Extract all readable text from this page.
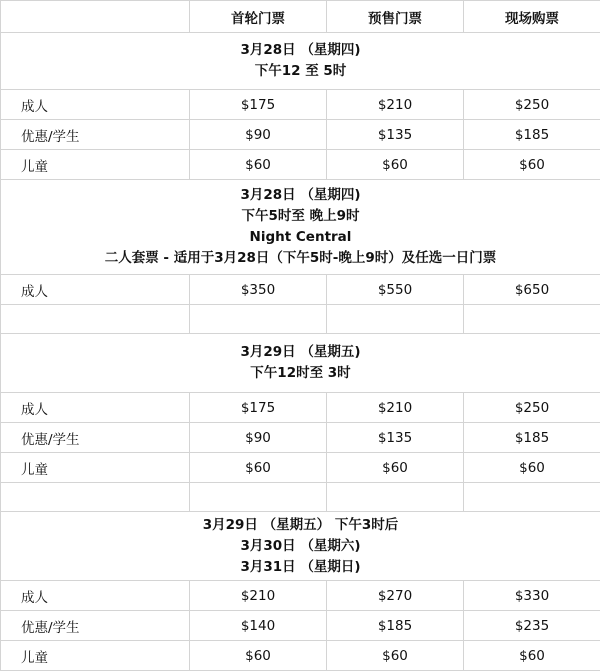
	首轮门票	预售门票	现场购票

3月28日 （星期四)
下午12 至 5时			

成人	$175	$210	$250
优惠/学生	$90	$135	$185
儿童	$60	$60	$60

3月28日 （星期四)
下午5时至 晚上9时
Night Central
二人套票 - 适用于3月28日（下午5时-晚上9时）及任选一日门票			

成人	$350	$550	$650

3月29日 （星期五)
下午12时至 3时			

成人	$175	$210	$250
优惠/学生	$90	$135	$185
儿童	$60	$60	$60

3月29日 （星期五） 下午3时后
3月30日 （星期六)
3月31日 （星期日)			

成人	$210	$270	$330
优惠/学生	$140	$185	$235
儿童	$60	$60	$60
